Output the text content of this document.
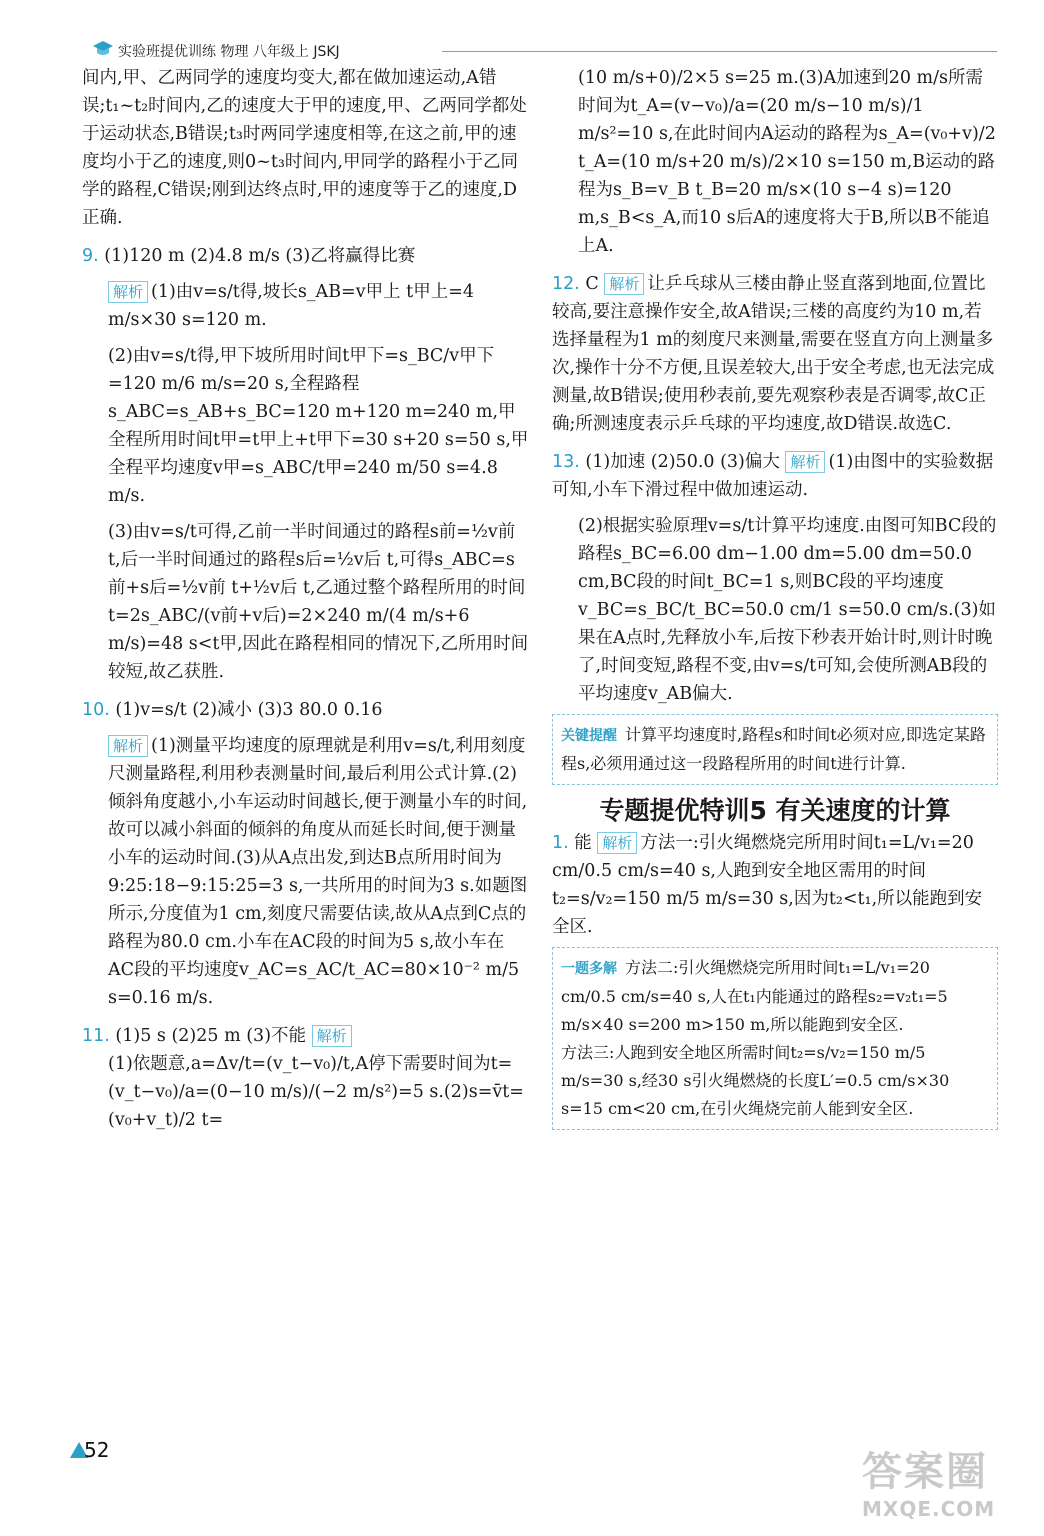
实验班提优训练 物理 八年级上 JSKJ

间内,甲、乙两同学的速度均变大,都在做加速运动,A错误;t₁~t₂时间内,乙的速度大于甲的速度,甲、乙两同学都处于运动状态,B错误;t₃时两同学速度相等,在这之前,甲的速度均小于乙的速度,则0~t₃时间内,甲同学的路程小于乙同学的路程,C错误;刚到达终点时,甲的速度等于乙的速度,D正确.

9. (1)120 m (2)4.8 m/s (3)乙将赢得比赛

解析 (1)由v=s/t得,坡长s_AB=v甲上 t甲上=4 m/s×30 s=120 m.

(2)由v=s/t得,甲下坡所用时间t甲下=s_BC/v甲下=120 m/6 m/s=20 s,全程路程s_ABC=s_AB+s_BC=120 m+120 m=240 m,甲全程所用时间t甲=t甲上+t甲下=30 s+20 s=50 s,甲全程平均速度v甲=s_ABC/t甲=240 m/50 s=4.8 m/s.

(3)由v=s/t可得,乙前一半时间通过的路程s前=½v前 t,后一半时间通过的路程s后=½v后 t,可得s_ABC=s前+s后=½v前 t+½v后 t,乙通过整个路程所用的时间t=2s_ABC/(v前+v后)=2×240 m/(4 m/s+6 m/s)=48 s<t甲,因此在路程相同的情况下,乙所用时间较短,故乙获胜.

10. (1)v=s/t (2)减小 (3)3 80.0 0.16

解析 (1)测量平均速度的原理就是利用v=s/t,利用刻度尺测量路程,利用秒表测量时间,最后利用公式计算.(2)倾斜角度越小,小车运动时间越长,便于测量小车的时间,故可以减小斜面的倾斜的角度从而延长时间,便于测量小车的运动时间.(3)从A点出发,到达B点所用时间为9:25:18−9:15:25=3 s,一共所用的时间为3 s.如题图所示,分度值为1 cm,刻度尺需要估读,故从A点到C点的路程为80.0 cm.小车在AC段的时间为5 s,故小车在AC段的平均速度v_AC=s_AC/t_AC=80×10⁻² m/5 s=0.16 m/s.

11. (1)5 s (2)25 m (3)不能 解析

(1)依题意,a=Δv/t=(v_t−v₀)/t,A停下需要时间为t=(v_t−v₀)/a=(0−10 m/s)/(−2 m/s²)=5 s.(2)s=v̄t=(v₀+v_t)/2 t=

(10 m/s+0)/2×5 s=25 m.(3)A加速到20 m/s所需时间为t_A=(v−v₀)/a=(20 m/s−10 m/s)/1 m/s²=10 s,在此时间内A运动的路程为s_A=(v₀+v)/2 t_A=(10 m/s+20 m/s)/2×10 s=150 m,B运动的路程为s_B=v_B t_B=20 m/s×(10 s−4 s)=120 m,s_B<s_A,而10 s后A的速度将大于B,所以B不能追上A.

12. C 解析 让乒乓球从三楼由静止竖直落到地面,位置比较高,要注意操作安全,故A错误;三楼的高度约为10 m,若选择量程为1 m的刻度尺来测量,需要在竖直方向上测量多次,操作十分不方便,且误差较大,出于安全考虑,也无法完成测量,故B错误;使用秒表前,要先观察秒表是否调零,故C正确;所测速度表示乒乓球的平均速度,故D错误.故选C.

13. (1)加速 (2)50.0 (3)偏大 解析 (1)由图中的实验数据可知,小车下滑过程中做加速运动.

(2)根据实验原理v=s/t计算平均速度.由图可知BC段的路程s_BC=6.00 dm−1.00 dm=5.00 dm=50.0 cm,BC段的时间t_BC=1 s,则BC段的平均速度v_BC=s_BC/t_BC=50.0 cm/1 s=50.0 cm/s.(3)如果在A点时,先释放小车,后按下秒表开始计时,则计时晚了,时间变短,路程不变,由v=s/t可知,会使所测AB段的平均速度v_AB偏大.

关键提醒 计算平均速度时,路程s和时间t必须对应,即选定某路程s,必须用通过这一段路程所用的时间t进行计算.
专题提优特训5 有关速度的计算

1. 能 解析 方法一:引火绳燃烧完所用时间t₁=L/v₁=20 cm/0.5 cm/s=40 s,人跑到安全地区需用的时间t₂=s/v₂=150 m/5 m/s=30 s,因为t₂<t₁,所以能跑到安全区.

一题多解 方法二:引火绳燃烧完所用时间t₁=L/v₁=20 cm/0.5 cm/s=40 s,人在t₁内能通过的路程s₂=v₂t₁=5 m/s×40 s=200 m>150 m,所以能跑到安全区.
方法三:人跑到安全地区所需时间t₂=s/v₂=150 m/5 m/s=30 s,经30 s引火绳燃烧的长度L′=0.5 cm/s×30 s=15 cm<20 cm,在引火绳烧完前人能到安全区.
52	答案圈
MXQE.COM
